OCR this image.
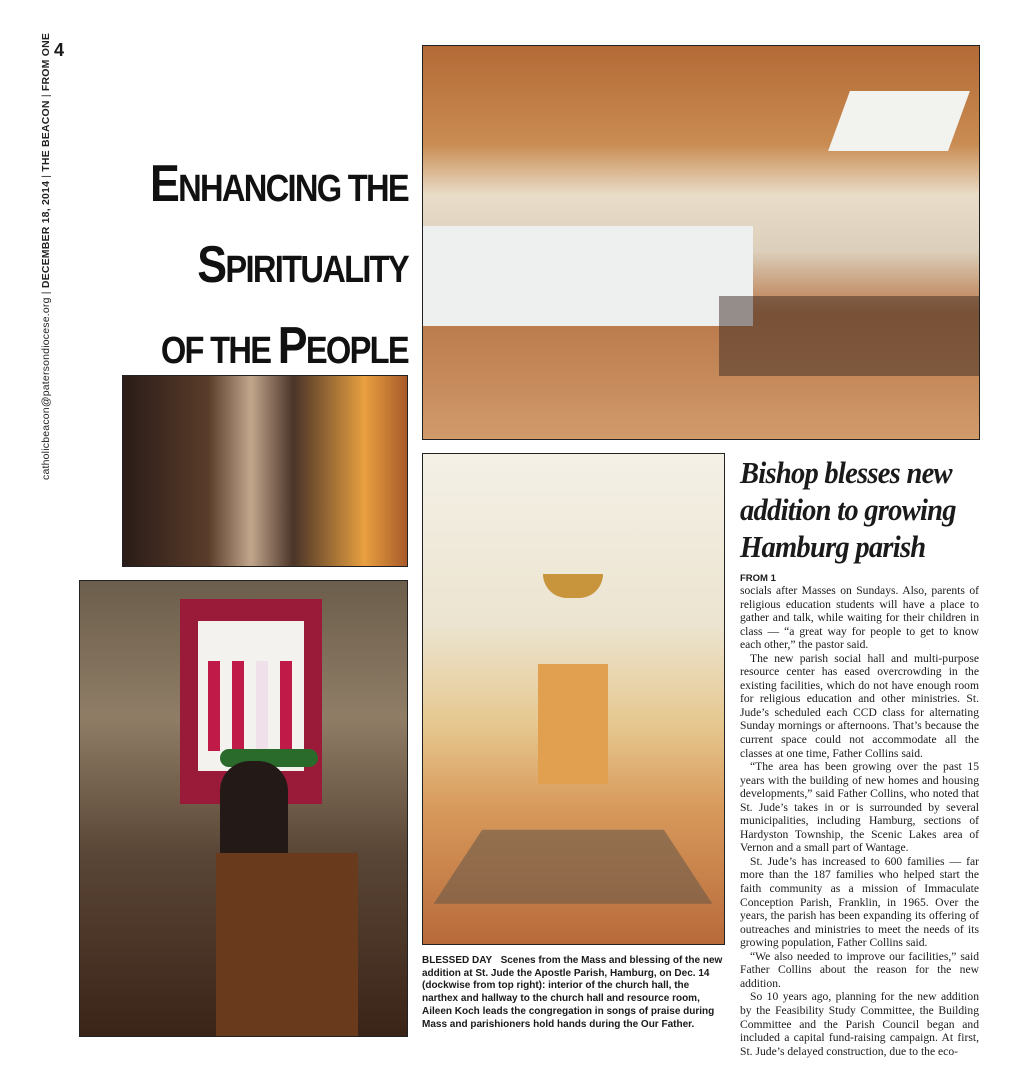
4
catholicbeacon@patersondiocese.org | DECEMBER 18, 2014 | THE BEACON | FROM ONE
ENHANCING THE
SPIRITUALITY
OF THE PEOPLE
Bishop blesses new addition to growing Hamburg parish
FROM 1

socials after Masses on Sundays. Also, parents of religious education students will have a place to gather and talk, while waiting for their children in class — “a great way for people to get to know each other,” the pastor said.

The new parish social hall and multi-purpose resource center has eased overcrowding in the existing facilities, which do not have enough room for religious education and other ministries. St. Jude’s scheduled each CCD class for alternating Sunday mornings or afternoons. That’s because the current space could not accommodate all the classes at one time, Father Collins said.

“The area has been growing over the past 15 years with the building of new homes and housing developments,” said Father Collins, who noted that St. Jude’s takes in or is surrounded by several municipalities, including Hamburg, sections of Hardyston Township, the Scenic Lakes area of Vernon and a small part of Wantage.

St. Jude’s has increased to 600 families — far more than the 187 families who helped start the faith community as a mission of Immaculate Conception Parish, Franklin, in 1965. Over the years, the parish has been expanding its offering of outreaches and ministries to meet the needs of its growing population, Father Collins said.

“We also needed to improve our facilities,” said Father Collins about the reason for the new addition.

So 10 years ago, planning for the new addition by the Feasibility Study Committee, the Building Committee and the Parish Council began and included a capital fund-raising campaign. At first, St. Jude’s delayed construction, due to the eco-

BLESSED DAY Scenes from the Mass and blessing of the new addition at St. Jude the Apostle Parish, Hamburg, on Dec. 14 (dockwise from top right): interior of the church hall, the narthex and hallway to the church hall and resource room, Aileen Koch leads the congregation in songs of praise during Mass and parishioners hold hands during the Our Father.
